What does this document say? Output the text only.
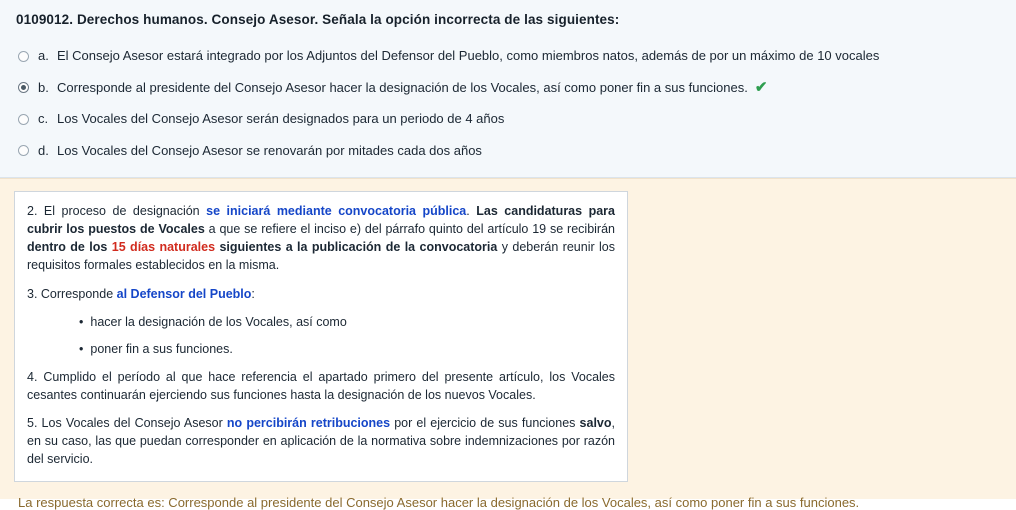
0109012. Derechos humanos. Consejo Asesor. Señala la opción incorrecta de las siguientes:
a. El Consejo Asesor estará integrado por los Adjuntos del Defensor del Pueblo, como miembros natos, además de por un máximo de 10 vocales
b. Corresponde al presidente del Consejo Asesor hacer la designación de los Vocales, así como poner fin a sus funciones. ✔
c. Los Vocales del Consejo Asesor serán designados para un periodo de 4 años
d. Los Vocales del Consejo Asesor se renovarán por mitades cada dos años

2. El proceso de designación se iniciará mediante convocatoria pública. Las candidaturas para cubrir los puestos de Vocales a que se refiere el inciso e) del párrafo quinto del artículo 19 se recibirán dentro de los 15 días naturales siguientes a la publicación de la convocatoria y deberán reunir los requisitos formales establecidos en la misma.

3. Corresponde al Defensor del Pueblo:

• hacer la designación de los Vocales, así como
• poner fin a sus funciones.

4. Cumplido el período al que hace referencia el apartado primero del presente artículo, los Vocales cesantes continuarán ejerciendo sus funciones hasta la designación de los nuevos Vocales.

5. Los Vocales del Consejo Asesor no percibirán retribuciones por el ejercicio de sus funciones salvo, en su caso, las que puedan corresponder en aplicación de la normativa sobre indemnizaciones por razón del servicio.

La respuesta correcta es: Corresponde al presidente del Consejo Asesor hacer la designación de los Vocales, así como poner fin a sus funciones.
